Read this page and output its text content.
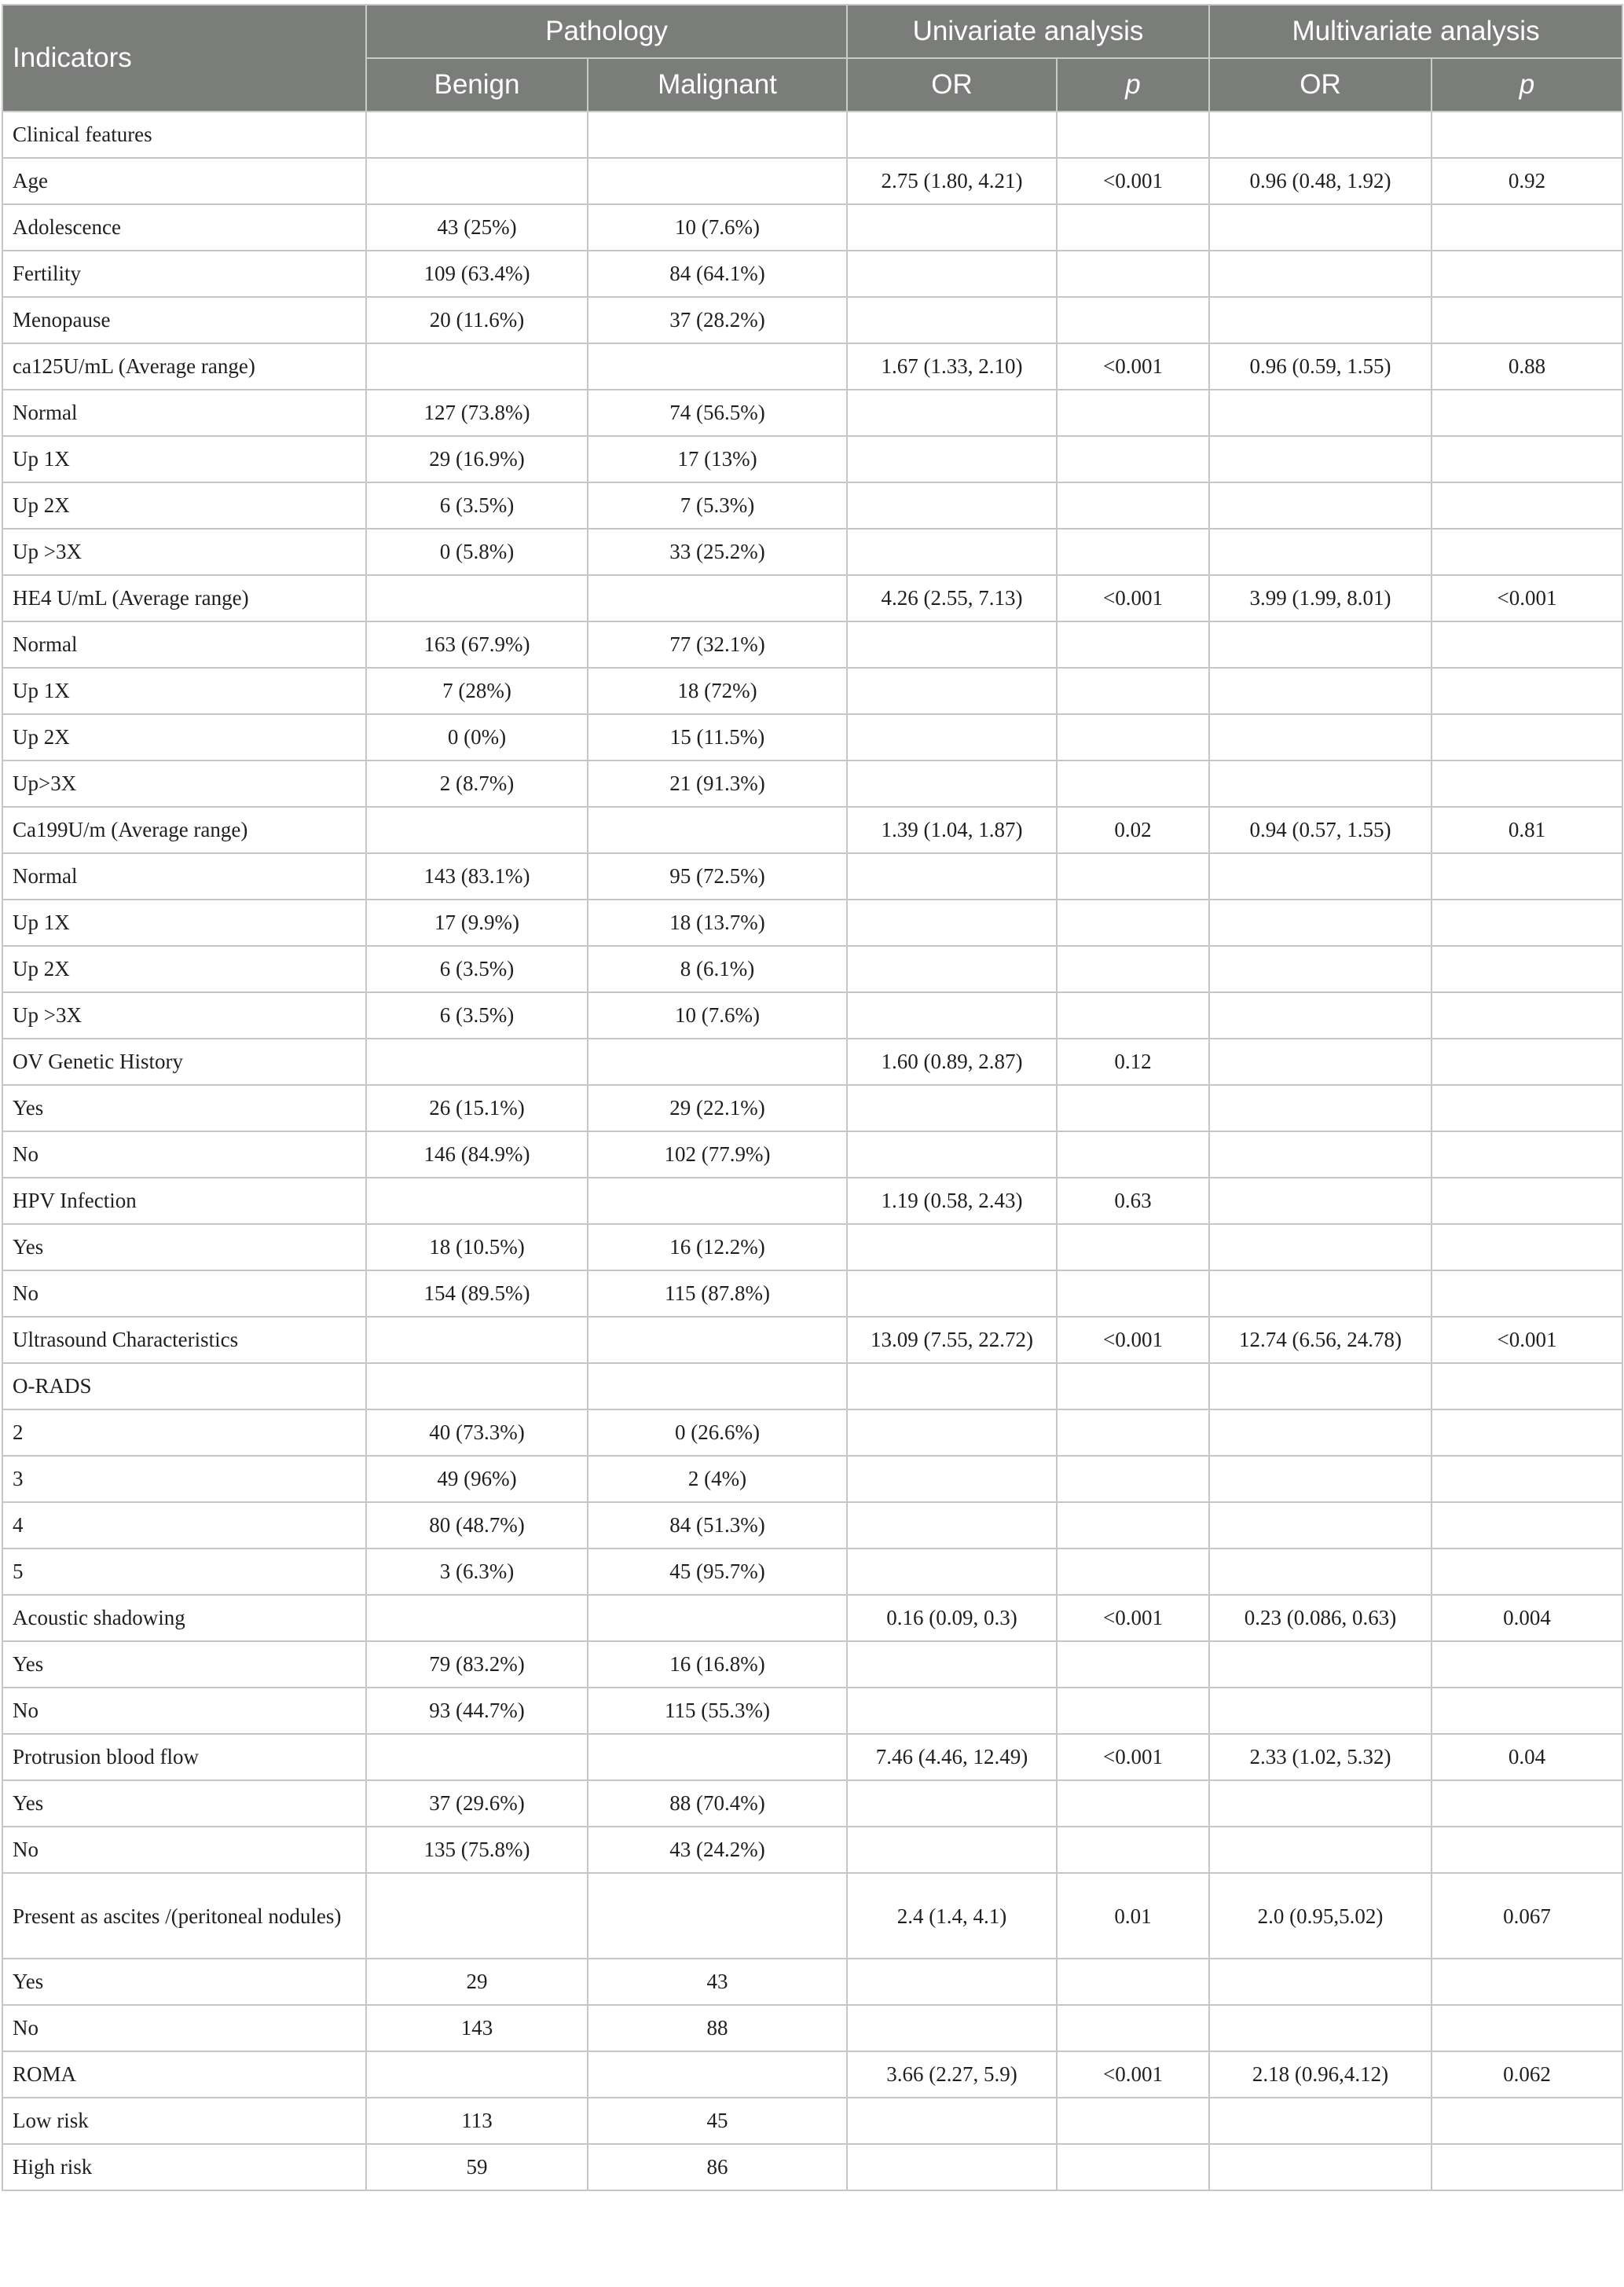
Indicators	Pathology		Univariate analysis		Multivariate analysis	
	Benign	Malignant	OR	p	OR	p
Clinical features						
Age			2.75 (1.80, 4.21)	<0.001	0.96 (0.48, 1.92)	0.92
Adolescence	43 (25%)	10 (7.6%)				
Fertility	109 (63.4%)	84 (64.1%)				
Menopause	20 (11.6%)	37 (28.2%)				
ca125U/mL (Average range)			1.67 (1.33, 2.10)	<0.001	0.96 (0.59, 1.55)	0.88
Normal	127 (73.8%)	74 (56.5%)				
Up 1X	29 (16.9%)	17 (13%)				
Up 2X	6 (3.5%)	7 (5.3%)				
Up >3X	0 (5.8%)	33 (25.2%)				
HE4 U/mL (Average range)			4.26 (2.55, 7.13)	<0.001	3.99 (1.99, 8.01)	<0.001
Normal	163 (67.9%)	77 (32.1%)				
Up 1X	7 (28%)	18 (72%)				
Up 2X	0 (0%)	15 (11.5%)				
Up>3X	2 (8.7%)	21 (91.3%)				
Ca199U/m (Average range)			1.39 (1.04, 1.87)	0.02	0.94 (0.57, 1.55)	0.81
Normal	143 (83.1%)	95 (72.5%)				
Up 1X	17 (9.9%)	18 (13.7%)				
Up 2X	6 (3.5%)	8 (6.1%)				
Up >3X	6 (3.5%)	10 (7.6%)				
OV Genetic History			1.60 (0.89, 2.87)	0.12		
Yes	26 (15.1%)	29 (22.1%)				
No	146 (84.9%)	102 (77.9%)				
HPV Infection			1.19 (0.58, 2.43)	0.63		
Yes	18 (10.5%)	16 (12.2%)				
No	154 (89.5%)	115 (87.8%)				
Ultrasound Characteristics			13.09 (7.55, 22.72)	<0.001	12.74 (6.56, 24.78)	<0.001
O-RADS						
2	40 (73.3%)	0 (26.6%)				
3	49 (96%)	2 (4%)				
4	80 (48.7%)	84 (51.3%)				
5	3 (6.3%)	45 (95.7%)				
Acoustic shadowing			0.16 (0.09, 0.3)	<0.001	0.23 (0.086, 0.63)	0.004
Yes	79 (83.2%)	16 (16.8%)				
No	93 (44.7%)	115 (55.3%)				
Protrusion blood flow			7.46 (4.46, 12.49)	<0.001	2.33 (1.02, 5.32)	0.04
Yes	37 (29.6%)	88 (70.4%)				
No	135 (75.8%)	43 (24.2%)				
Present as ascites /(peritoneal nodules)			2.4 (1.4, 4.1)	0.01	2.0 (0.95,5.02)	0.067
Yes	29	43				
No	143	88				
ROMA			3.66 (2.27, 5.9)	<0.001	2.18 (0.96,4.12)	0.062
Low risk	113	45				
High risk	59	86				
